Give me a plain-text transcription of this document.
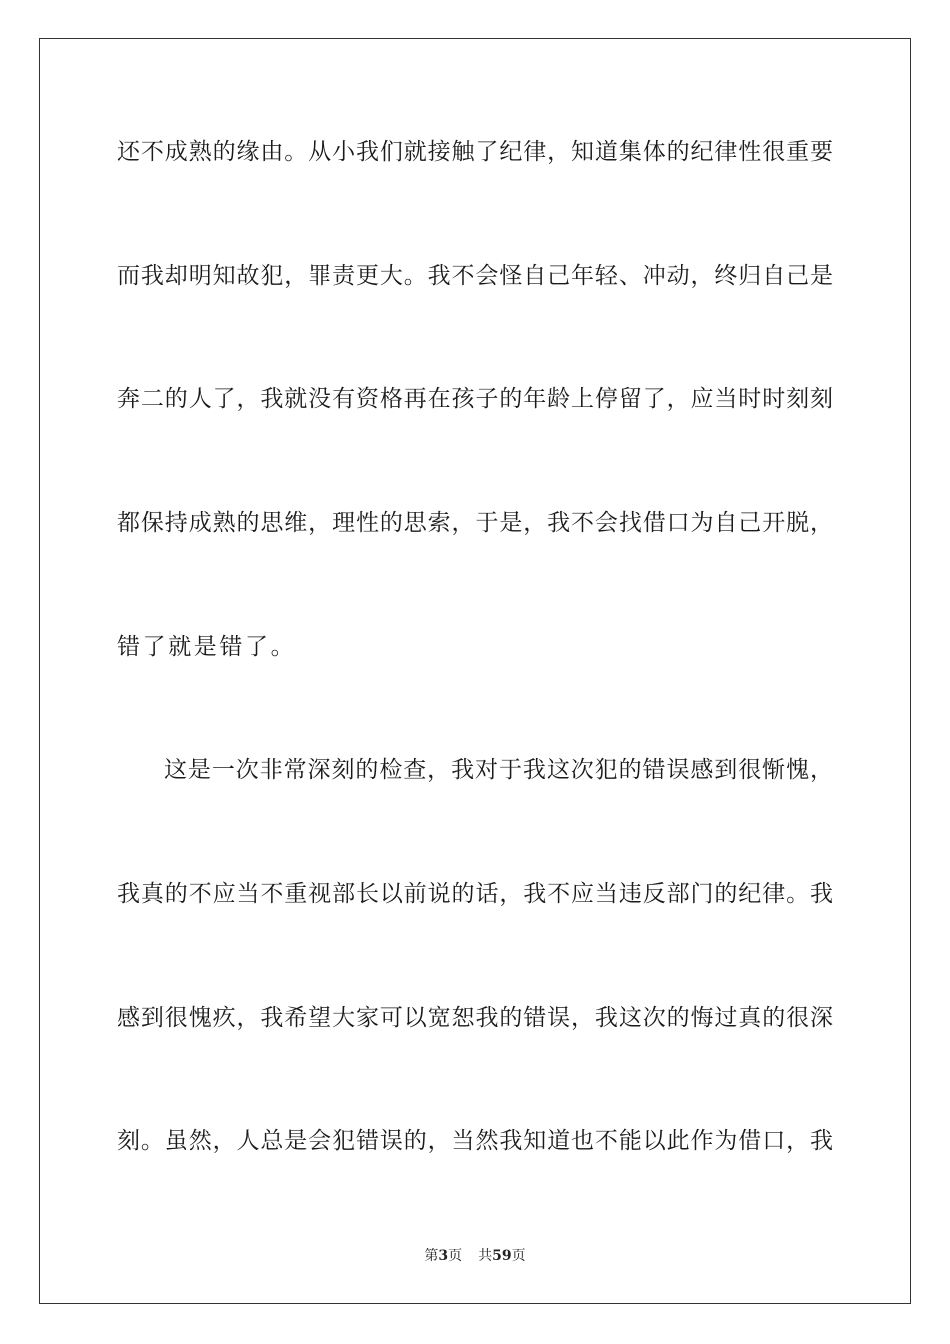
还不成熟的缘由。从小我们就接触了纪律，知道集体的纪律性很重要
而我却明知故犯，罪责更大。我不会怪自己年轻、冲动，终归自己是
奔二的人了，我就没有资格再在孩子的年龄上停留了，应当时时刻刻
都保持成熟的思维，理性的思索，于是，我不会找借口为自己开脱，
错了就是错了。
这是一次非常深刻的检查，我对于我这次犯的错误感到很惭愧，
我真的不应当不重视部长以前说的话，我不应当违反部门的纪律。我
感到很愧疚，我希望大家可以宽恕我的错误，我这次的悔过真的很深
刻。虽然，人总是会犯错误的，当然我知道也不能以此作为借口，我
第3页 共59页
